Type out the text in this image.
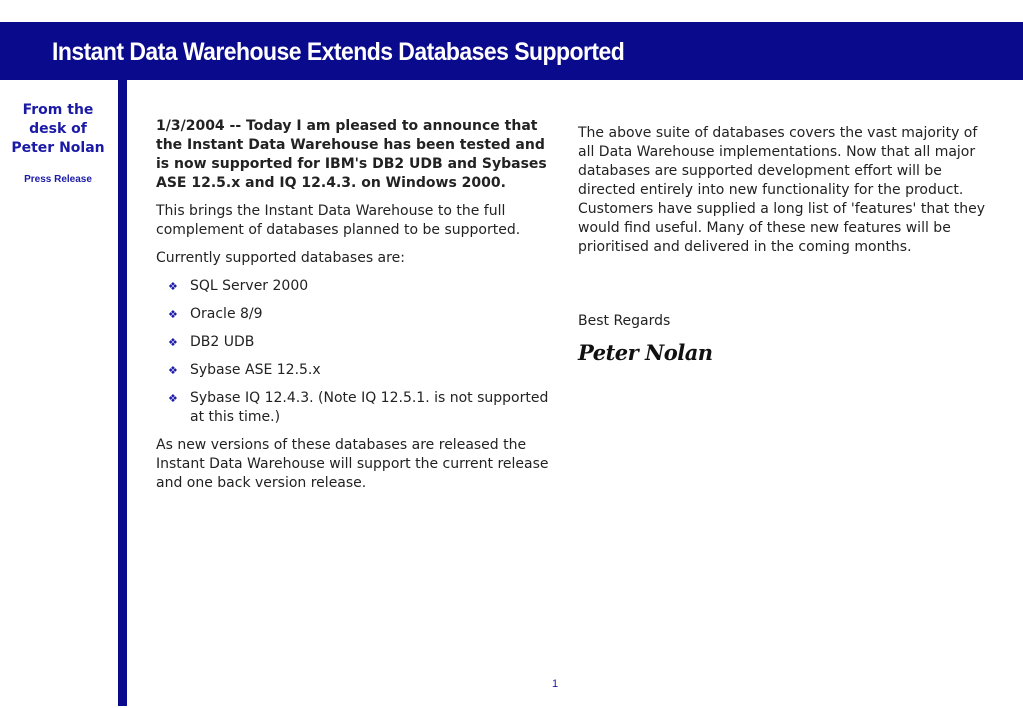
Instant Data Warehouse Extends Databases Supported
From the desk of Peter Nolan
Press Release

1/3/2004 -- Today I am pleased to announce that the Instant Data Warehouse has been tested and is now supported for IBM's DB2 UDB and Sybases ASE 12.5.x and IQ 12.4.3. on Windows 2000.

This brings the Instant Data Warehouse to the full complement of databases planned to be supported.

Currently supported databases are:

❖ SQL Server 2000
❖ Oracle 8/9
❖ DB2 UDB
❖ Sybase ASE 12.5.x
❖ Sybase IQ 12.4.3. (Note IQ 12.5.1. is not supported at this time.)

As new versions of these databases are released the Instant Data Warehouse will support the current release and one back version release.

The above suite of databases covers the vast majority of all Data Warehouse implementations. Now that all major databases are supported development effort will be directed entirely into new functionality for the product. Customers have supplied a long list of 'features' that they would find useful. Many of these new features will be prioritised and delivered in the coming months.

Best Regards
Peter Nolan
1
